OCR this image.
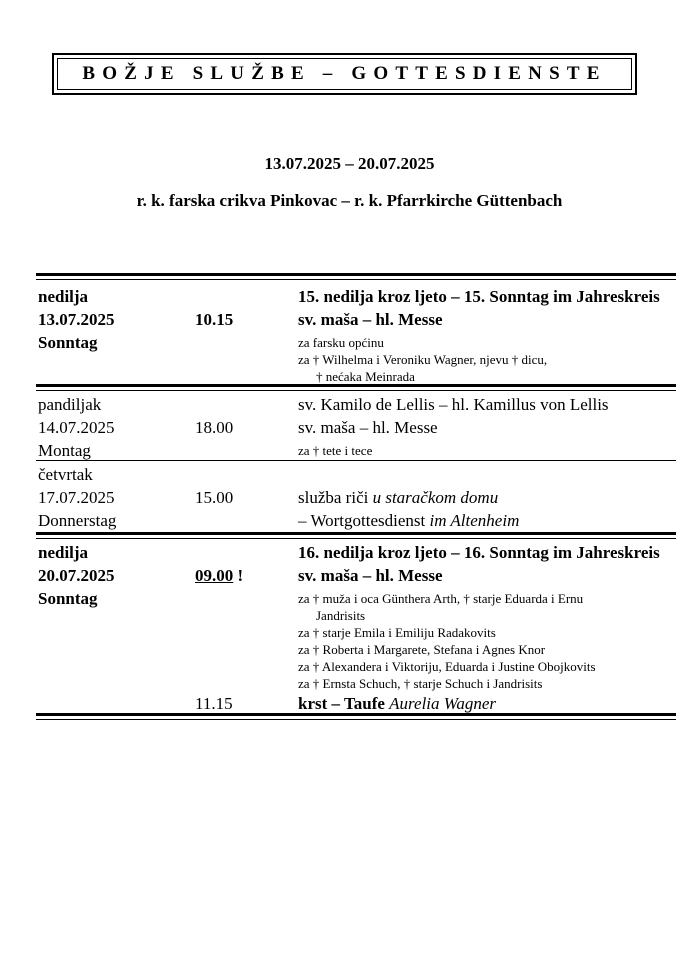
BOŽJE SLUŽBE – GOTTESDIENSTE
13.07.2025 – 20.07.2025
r. k. farska crikva Pinkovac – r. k. Pfarrkirche Güttenbach
nedilja
13.07.2025
Sonntag
10.15
15. nedilja kroz ljeto – 15. Sonntag im Jahreskreis
sv. maša – hl. Messe
za farsku općinu
za † Wilhelma i Veroniku Wagner, njevu † dicu,
† nećaka Meinrada
pandiljak
14.07.2025
Montag
18.00
sv. Kamilo de Lellis – hl. Kamillus von Lellis
sv. maša – hl. Messe
za † tete i tece
četvrtak
17.07.2025
Donnerstag
15.00	služba riči u staračkom domu
– Wortgottesdienst im Altenheim
nedilja
20.07.2025
Sonntag
09.00 !
16. nedilja kroz ljeto – 16. Sonntag im Jahreskreis
sv. maša – hl. Messe
za † muža i oca Günthera Arth, † starje Eduarda i Ernu
Jandrisits
za † starje Emila i Emiliju Radakovits
za † Roberta i Margarete, Stefana i Agnes Knor
za † Alexandera i Viktoriju, Eduarda i Justine Obojkovits
za † Ernsta Schuch, † starje Schuch i Jandrisits
11.15	krst – Taufe Aurelia Wagner
